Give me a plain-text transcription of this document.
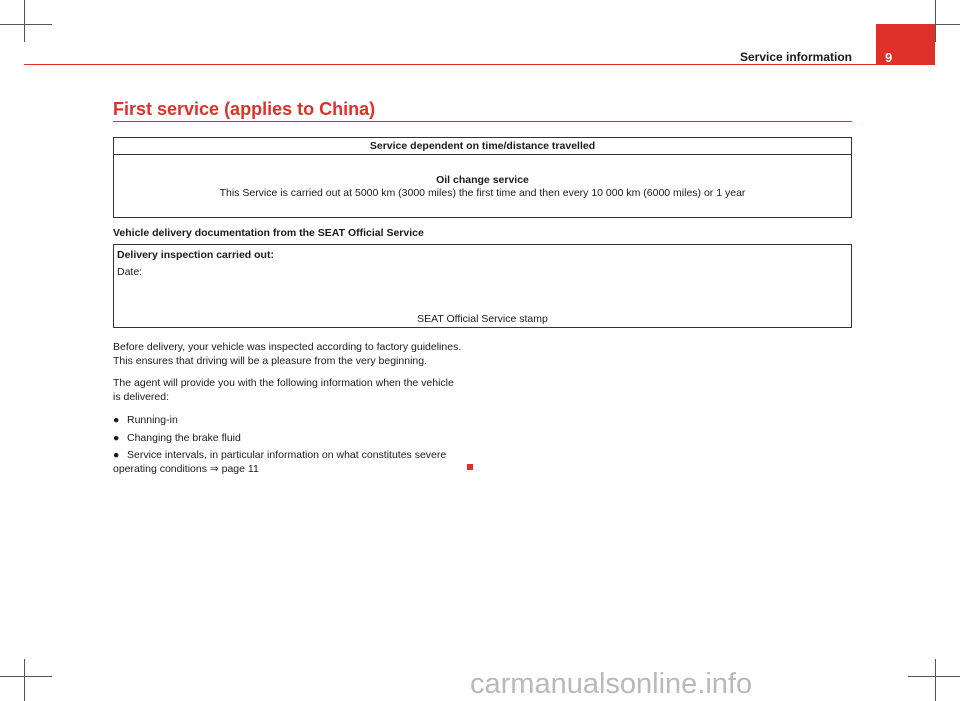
Service information	9
First service (applies to China)
Service dependent on time/distance travelled
Oil change service
This Service is carried out at 5000 km (3000 miles) the first time and then every 10 000 km (6000 miles) or 1 year
Vehicle delivery documentation from the SEAT Official Service
Delivery inspection carried out:
Date:
SEAT Official Service stamp
Before delivery, your vehicle was inspected according to factory guidelines.
This ensures that driving will be a pleasure from the very beginning.
The agent will provide you with the following information when the vehicle
is delivered:
● Running-in
● Changing the brake fluid
● Service intervals, in particular information on what constitutes severe
operating conditions ⇒ page 11
carmanualsonline.info
